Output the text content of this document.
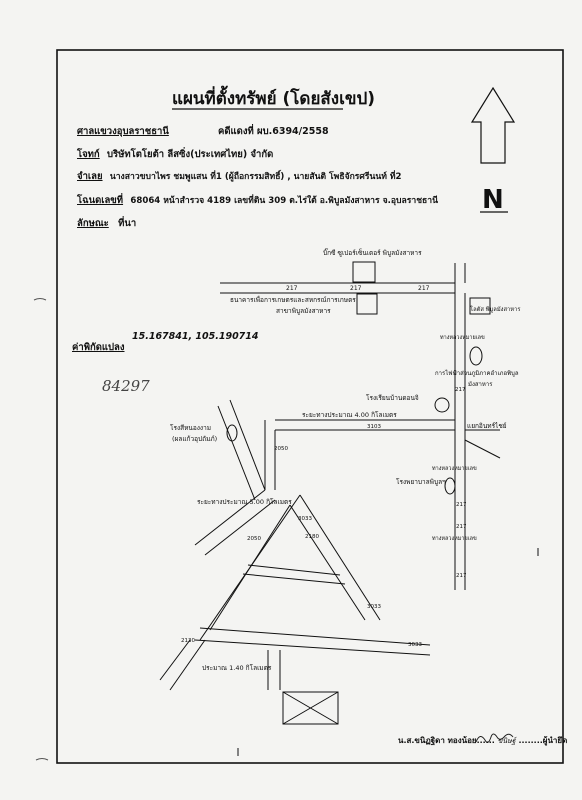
N
แผนที่ตั้งทรัพย์ (โดยสังเขป)
บิ๊กซี ซูเปอร์เซ็นเตอร์ พิบูลมังสาหาร
217	217	217
ธนาคารเพื่อการเกษตรและสหกรณ์การเกษตร
สาขาพิบูลมังสาหาร	โลตัส พิบูลมังสาหาร
ทางหลวงหมายเลข
การไฟฟ้าส่วนภูมิภาคอำเภอพิบูล
มังสาหาร
โรงเรียนบ้านดอนจิ
217
ระยะทางประมาณ 4.00 กิโลเมตร
3103	แยกอินทร์ไชย์
โรงสีหนองงาม
(ผลแก้วอุปถัมภ์)
2050
ทางหลวงหมายเลข
โรงพยาบาลพิบูลฯ
ระยะทางประมาณ 5.00 กิโลเมตร	217
3033
2050
217
ทางหลวงหมายเลข
217
3033
2130
3033
ประมาณ 1.40 กิโลเมตร
2180
ศาลแขวงอุบลราชธานี	คดีแดงที่ ผบ.6394/2558
โจทก์ บริษัทโตโยต้า ลีสซิ่ง(ประเทศไทย) จำกัด
จำเลย นางสาวขบาไพร ชมพูแสน ที่1 (ผู้ถือกรรมสิทธิ์) , นายสันติ โพธิจักรศรีนนท์ ที่2
โฉนดเลขที่ 68064 หน้าสำรวจ 4189 เลขที่ดิน 309 ต.ไร่ใต้ อ.พิบูลมังสาหาร จ.อุบลราชธานี
ลักษณะ ที่นา
ค่าพิกัดแปลง
15.167841, 105.190714
84297
น.ส.ขนิฏฐิดา ทองน้อย...... ขนิษฐ์ ........ผู้นำยึด
